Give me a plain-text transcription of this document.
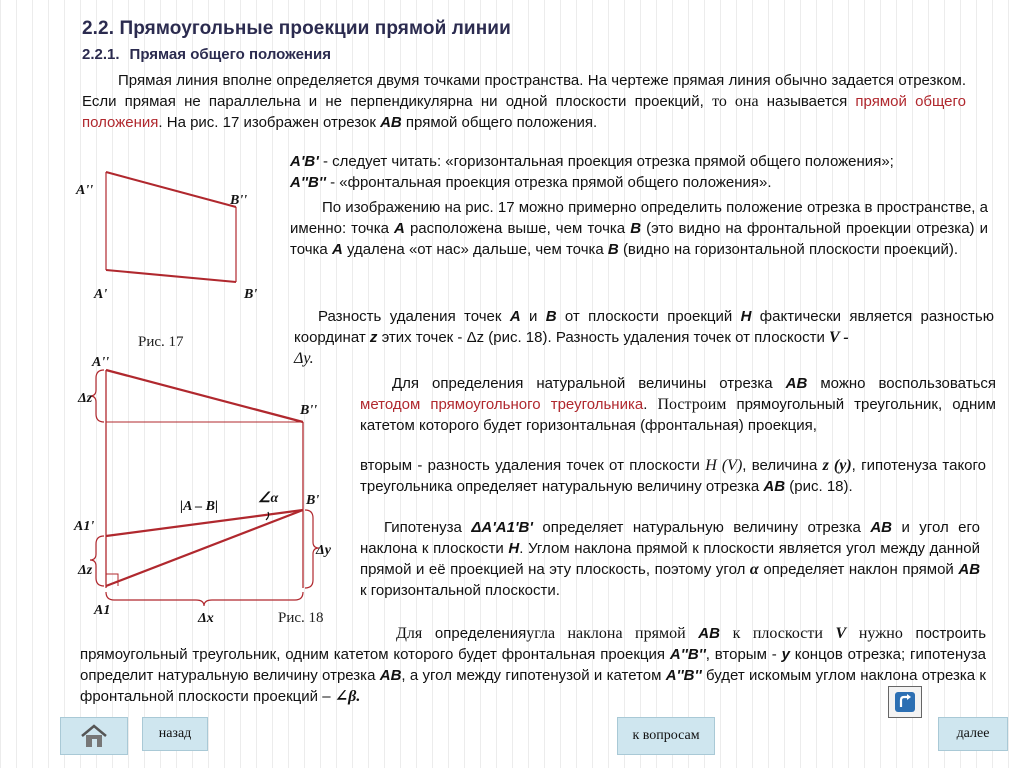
2.2. Прямоугольные проекции прямой линии
2.2.1. Прямая общего положения
Прямая линия вполне определяется двумя точками пространства. На чертеже прямая линия обычно задается отрезком. Если прямая не параллельна и не перпендикулярна ни одной плоскости проекций, то она называется прямой общего положения. На рис. 17 изображен отрезок АВ прямой общего положения.
А'В' - следует читать: «горизонтальная проекция отрезка прямой общего положения»;
А''В'' - «фронтальная проекция отрезка прямой общего положения».
По изображению на рис. 17 можно примерно определить положение отрезка в пространстве, а именно: точка А расположена выше, чем точка В (это видно на фронтальной проекции отрезка) и точка А удалена «от нас» дальше, чем точка В (видно на горизонтальной плоскости проекций).
Разность удаления точек А и В от плоскости проекций Н фактически является разностью координат z этих точек - Δz (рис. 18). Разность удаления точек от плоскости V -
Δy.
Для определения натуральной величины отрезка АВ можно воспользоваться методом прямоугольного треугольника. Построим прямоугольный треугольник, одним катетом которого будет горизонтальная (фронтальная) проекция,
вторым - разность удаления точек от плоскости H (V), величина z (y), гипотенуза такого треугольника определяет натуральную величину отрезка АВ (рис. 18).
Гипотенуза ΔA'A1'B' определяет натуральную величину отрезка АВ и угол его наклона к плоскости Н. Углом наклона прямой к плоскости является угол между данной прямой и её проекцией на эту плоскость, поэтому угол α определяет наклон прямой АВ к горизонтальной плоскости.
Для определенияугла наклона прямой АВ к плоскости V нужно построить прямоугольный треугольник, одним катетом которого будет фронтальная проекция А''В'', вторым - у концов отрезка; гипотенуза определит натуральную величину отрезка АВ, а угол между гипотенузой и катетом А''В'' будет искомым углом наклона отрезка к фронтальной плоскости проекций – ∠β.
A''
B''
A'	B'
Рис. 17
A''
B''
B'
A1'
A1
Δz
Δz
Δy
Δx
|A – B|
∠α
Рис. 18
назад	к вопросам	далее
